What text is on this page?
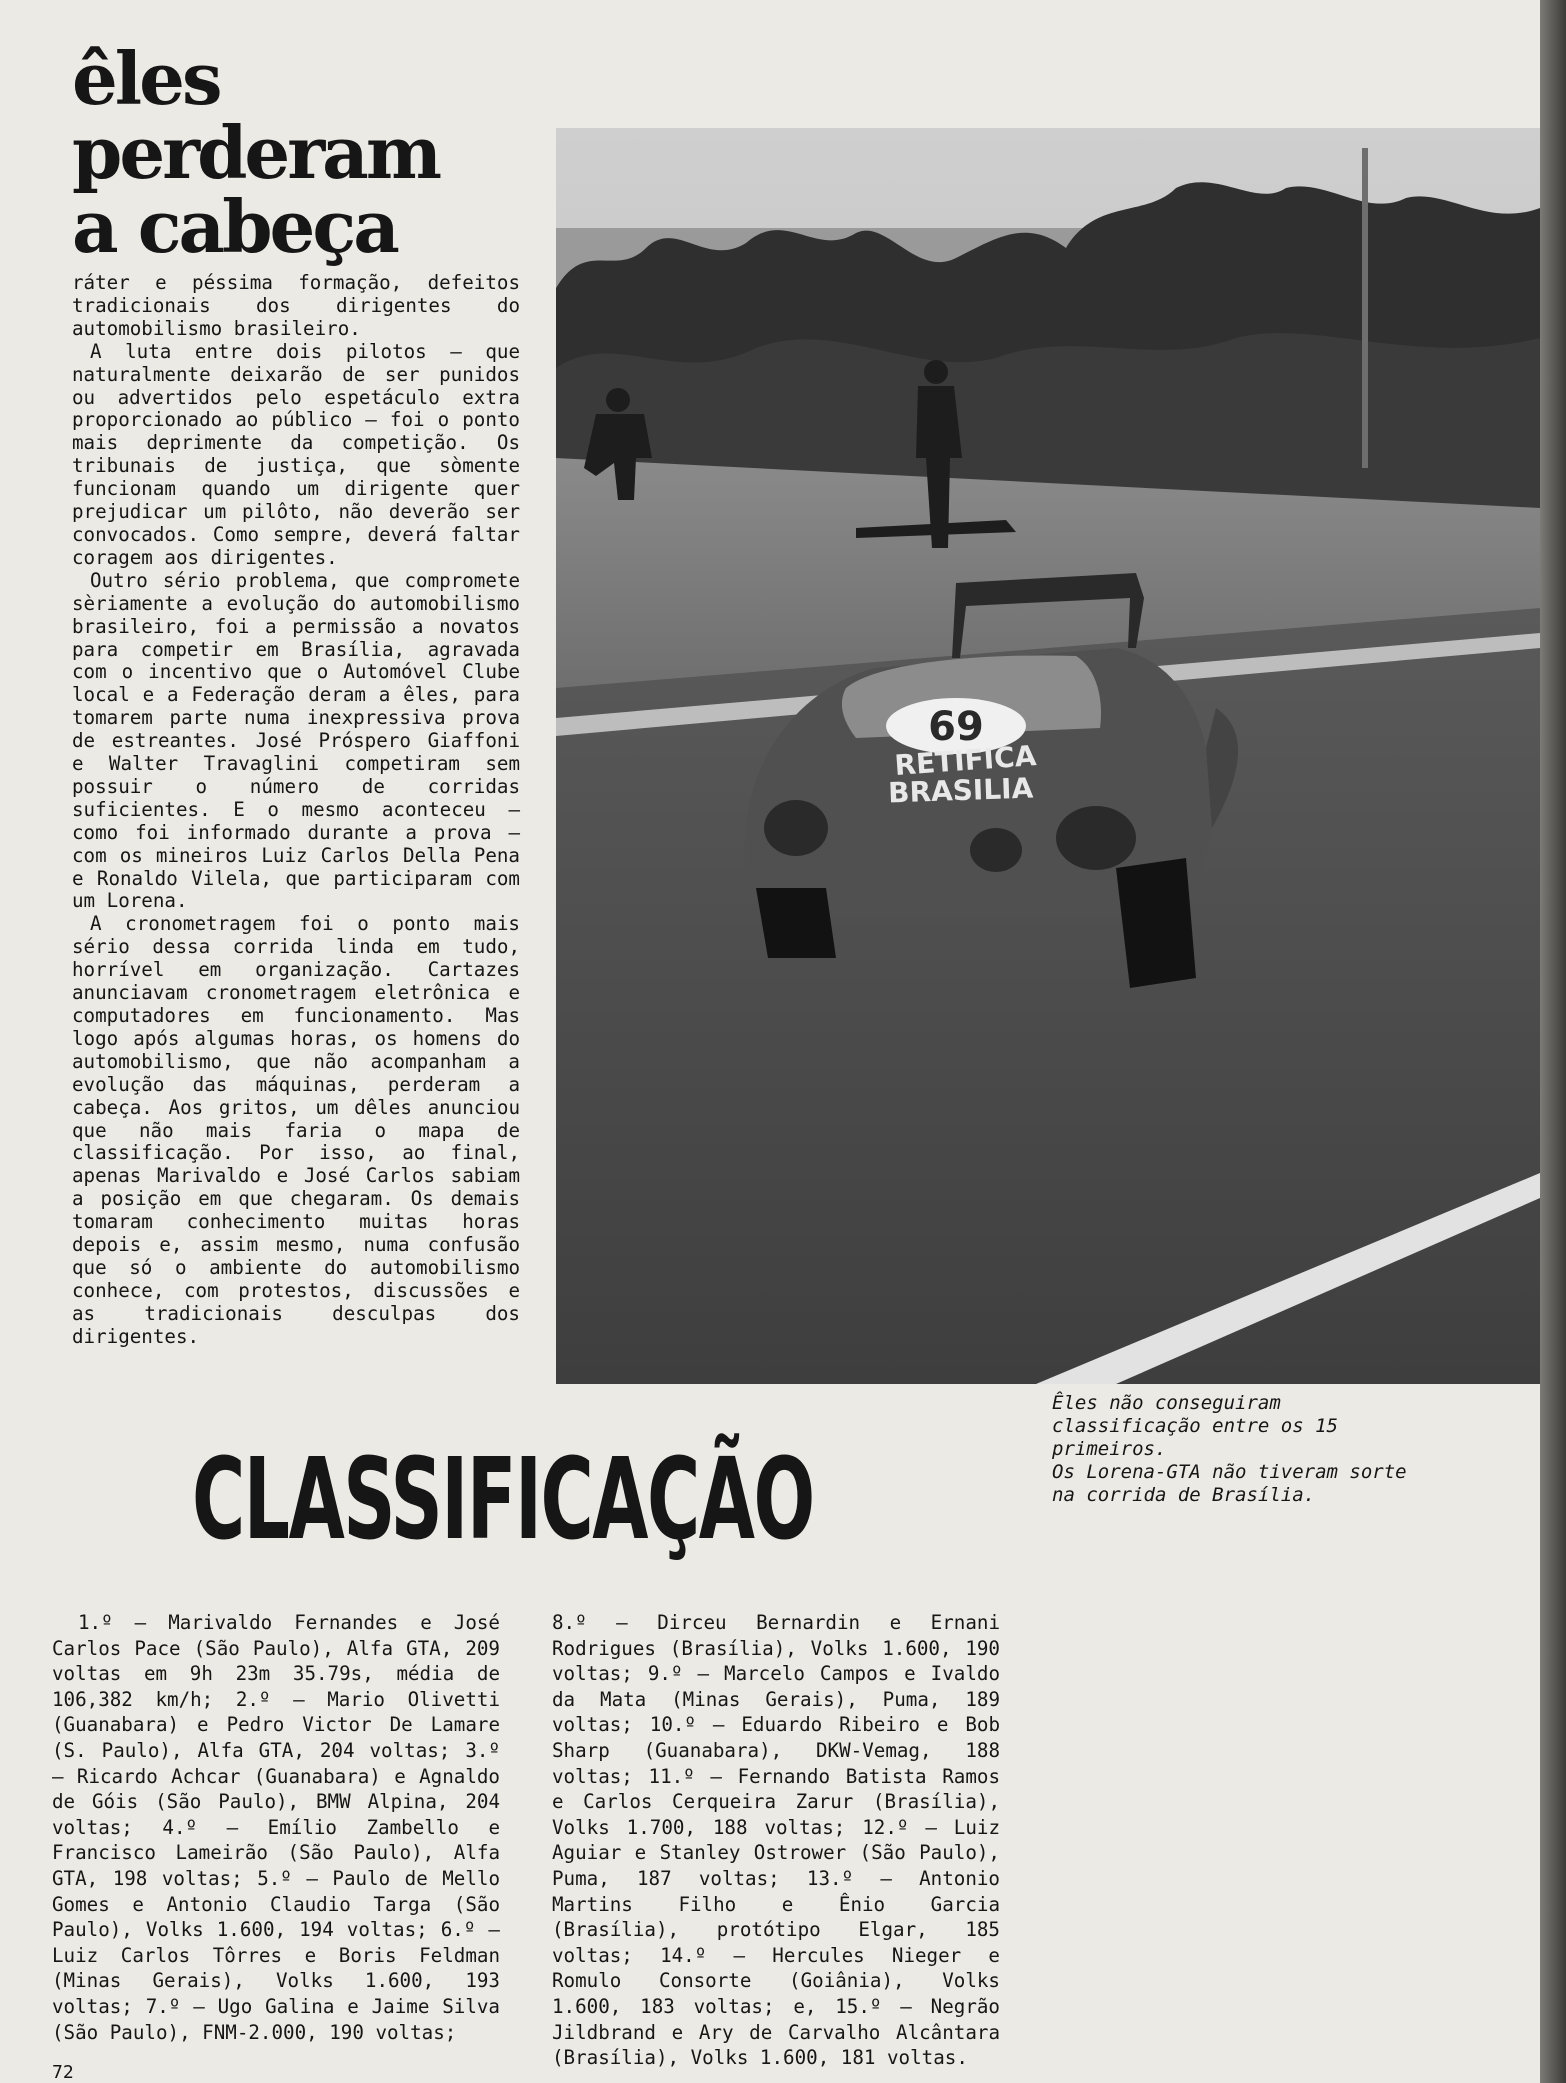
êles perderam
a cabeça

ráter e péssima formação, defeitos tradicionais dos dirigentes do automobilismo brasileiro.

A luta entre dois pilotos — que naturalmente deixarão de ser punidos ou advertidos pelo espetáculo extra proporcionado ao público — foi o ponto mais deprimente da competição. Os tribunais de justiça, que sòmente funcionam quando um dirigente quer prejudicar um pilôto, não deverão ser convocados. Como sempre, deverá faltar coragem aos dirigentes.

Outro sério problema, que compromete sèriamente a evolução do automobilismo brasileiro, foi a permissão a novatos para competir em Brasília, agravada com o incentivo que o Automóvel Clube local e a Federação deram a êles, para tomarem parte numa inexpressiva prova de estreantes. José Próspero Giaffoni e Walter Travaglini competiram sem possuir o número de corridas suficientes. E o mesmo aconteceu — como foi informado durante a prova — com os mineiros Luiz Carlos Della Pena e Ronaldo Vilela, que participaram com um Lorena.

A cronometragem foi o ponto mais sério dessa corrida linda em tudo, horrível em organização. Cartazes anunciavam cronometragem eletrônica e computadores em funcionamento. Mas logo após algumas horas, os homens do automobilismo, que não acompanham a evolução das máquinas, perderam a cabeça. Aos gritos, um dêles anunciou que não mais faria o mapa de classificação. Por isso, ao final, apenas Marivaldo e José Carlos sabiam a posição em que chegaram. Os demais tomaram conhecimento muitas horas depois e, assim mesmo, numa confusão que só o ambiente do automobilismo conhece, com protestos, discussões e as tradicionais desculpas dos dirigentes.

69
RETIFICA
BRASILIA

Êles não conseguiram classificação entre os 15 primeiros.

Os Lorena-GTA não tiveram sorte na corrida de Brasília.

CLASSIFICAÇÃO

1.º — Marivaldo Fernandes e José Carlos Pace (São Paulo), Alfa GTA, 209 voltas em 9h 23m 35.79s, média de 106,382 km/h; 2.º — Mario Olivetti (Guanabara) e Pedro Victor De Lamare (S. Paulo), Alfa GTA, 204 voltas; 3.º — Ricardo Achcar (Guanabara) e Agnaldo de Góis (São Paulo), BMW Alpina, 204 voltas; 4.º — Emílio Zambello e Francisco Lameirão (São Paulo), Alfa GTA, 198 voltas; 5.º — Paulo de Mello Gomes e Antonio Claudio Targa (São Paulo), Volks 1.600, 194 voltas; 6.º — Luiz Carlos Tôrres e Boris Feldman (Minas Gerais), Volks 1.600, 193 voltas; 7.º — Ugo Galina e Jaime Silva (São Paulo), FNM-2.000, 190 voltas;

8.º — Dirceu Bernardin e Ernani Rodrigues (Brasília), Volks 1.600, 190 voltas; 9.º — Marcelo Campos e Ivaldo da Mata (Minas Gerais), Puma, 189 voltas; 10.º — Eduardo Ribeiro e Bob Sharp (Guanabara), DKW-Vemag, 188 voltas; 11.º — Fernando Batista Ramos e Carlos Cerqueira Zarur (Brasília), Volks 1.700, 188 voltas; 12.º — Luiz Aguiar e Stanley Ostrower (São Paulo), Puma, 187 voltas; 13.º — Antonio Martins Filho e Ênio Garcia (Brasília), protótipo Elgar, 185 voltas; 14.º — Hercules Nieger e Romulo Consorte (Goiânia), Volks 1.600, 183 voltas; e, 15.º — Negrão Jildbrand e Ary de Carvalho Alcântara (Brasília), Volks 1.600, 181 voltas.

72
